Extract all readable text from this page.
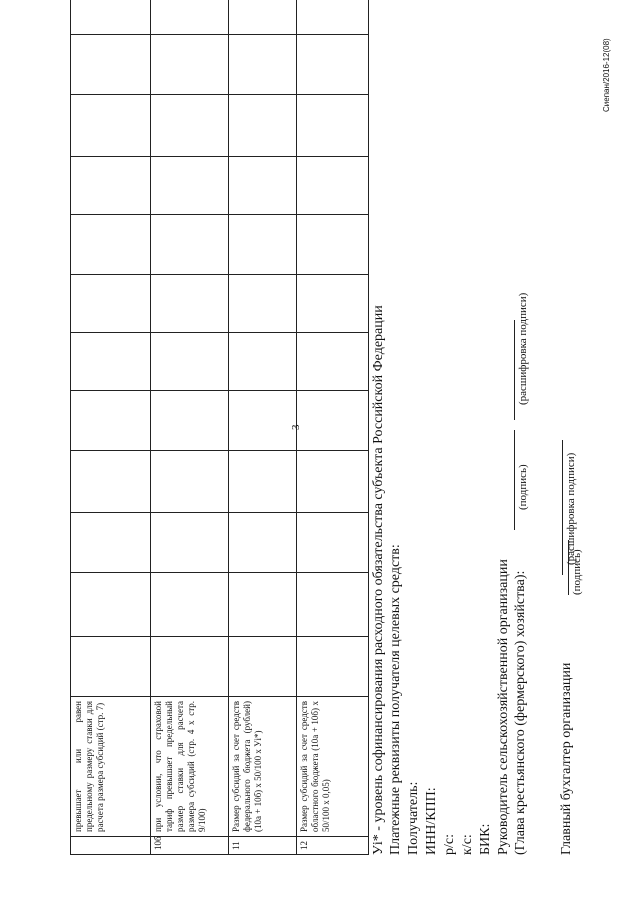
	превышает или равен предельному размеру ставки для расчета размера субсидий (стр. 7)												
10б	при условии, что страховой тариф превышает предельный размер ставки для расчета размера субсидий (стр. 4 x стр. 9/100)												
11	Размер субсидий за счет средств федерального бюджета (рублей) (10а + 10б) х 50/100 x Уi*)												
12	Размер субсидий за счет средств областного бюджета (10а + 10б) х 50/100 x 0,05)												
3	Уi* - уровень софинансирования расходного обязательства субъекта Российской Федерации Платежные реквизиты получателя целевых средств: Получатель: ИНН/КПП: р/с: к/с: БИК: Руководитель сельскохозяйственной организации (Глава крестьянского (фермерского) хозяйства):
(подпись)
(расшифровка подписи)
Главный бухгалтер организации
(подпись)
(расшифровка подписи)
Сиепан/2016-12(08)
